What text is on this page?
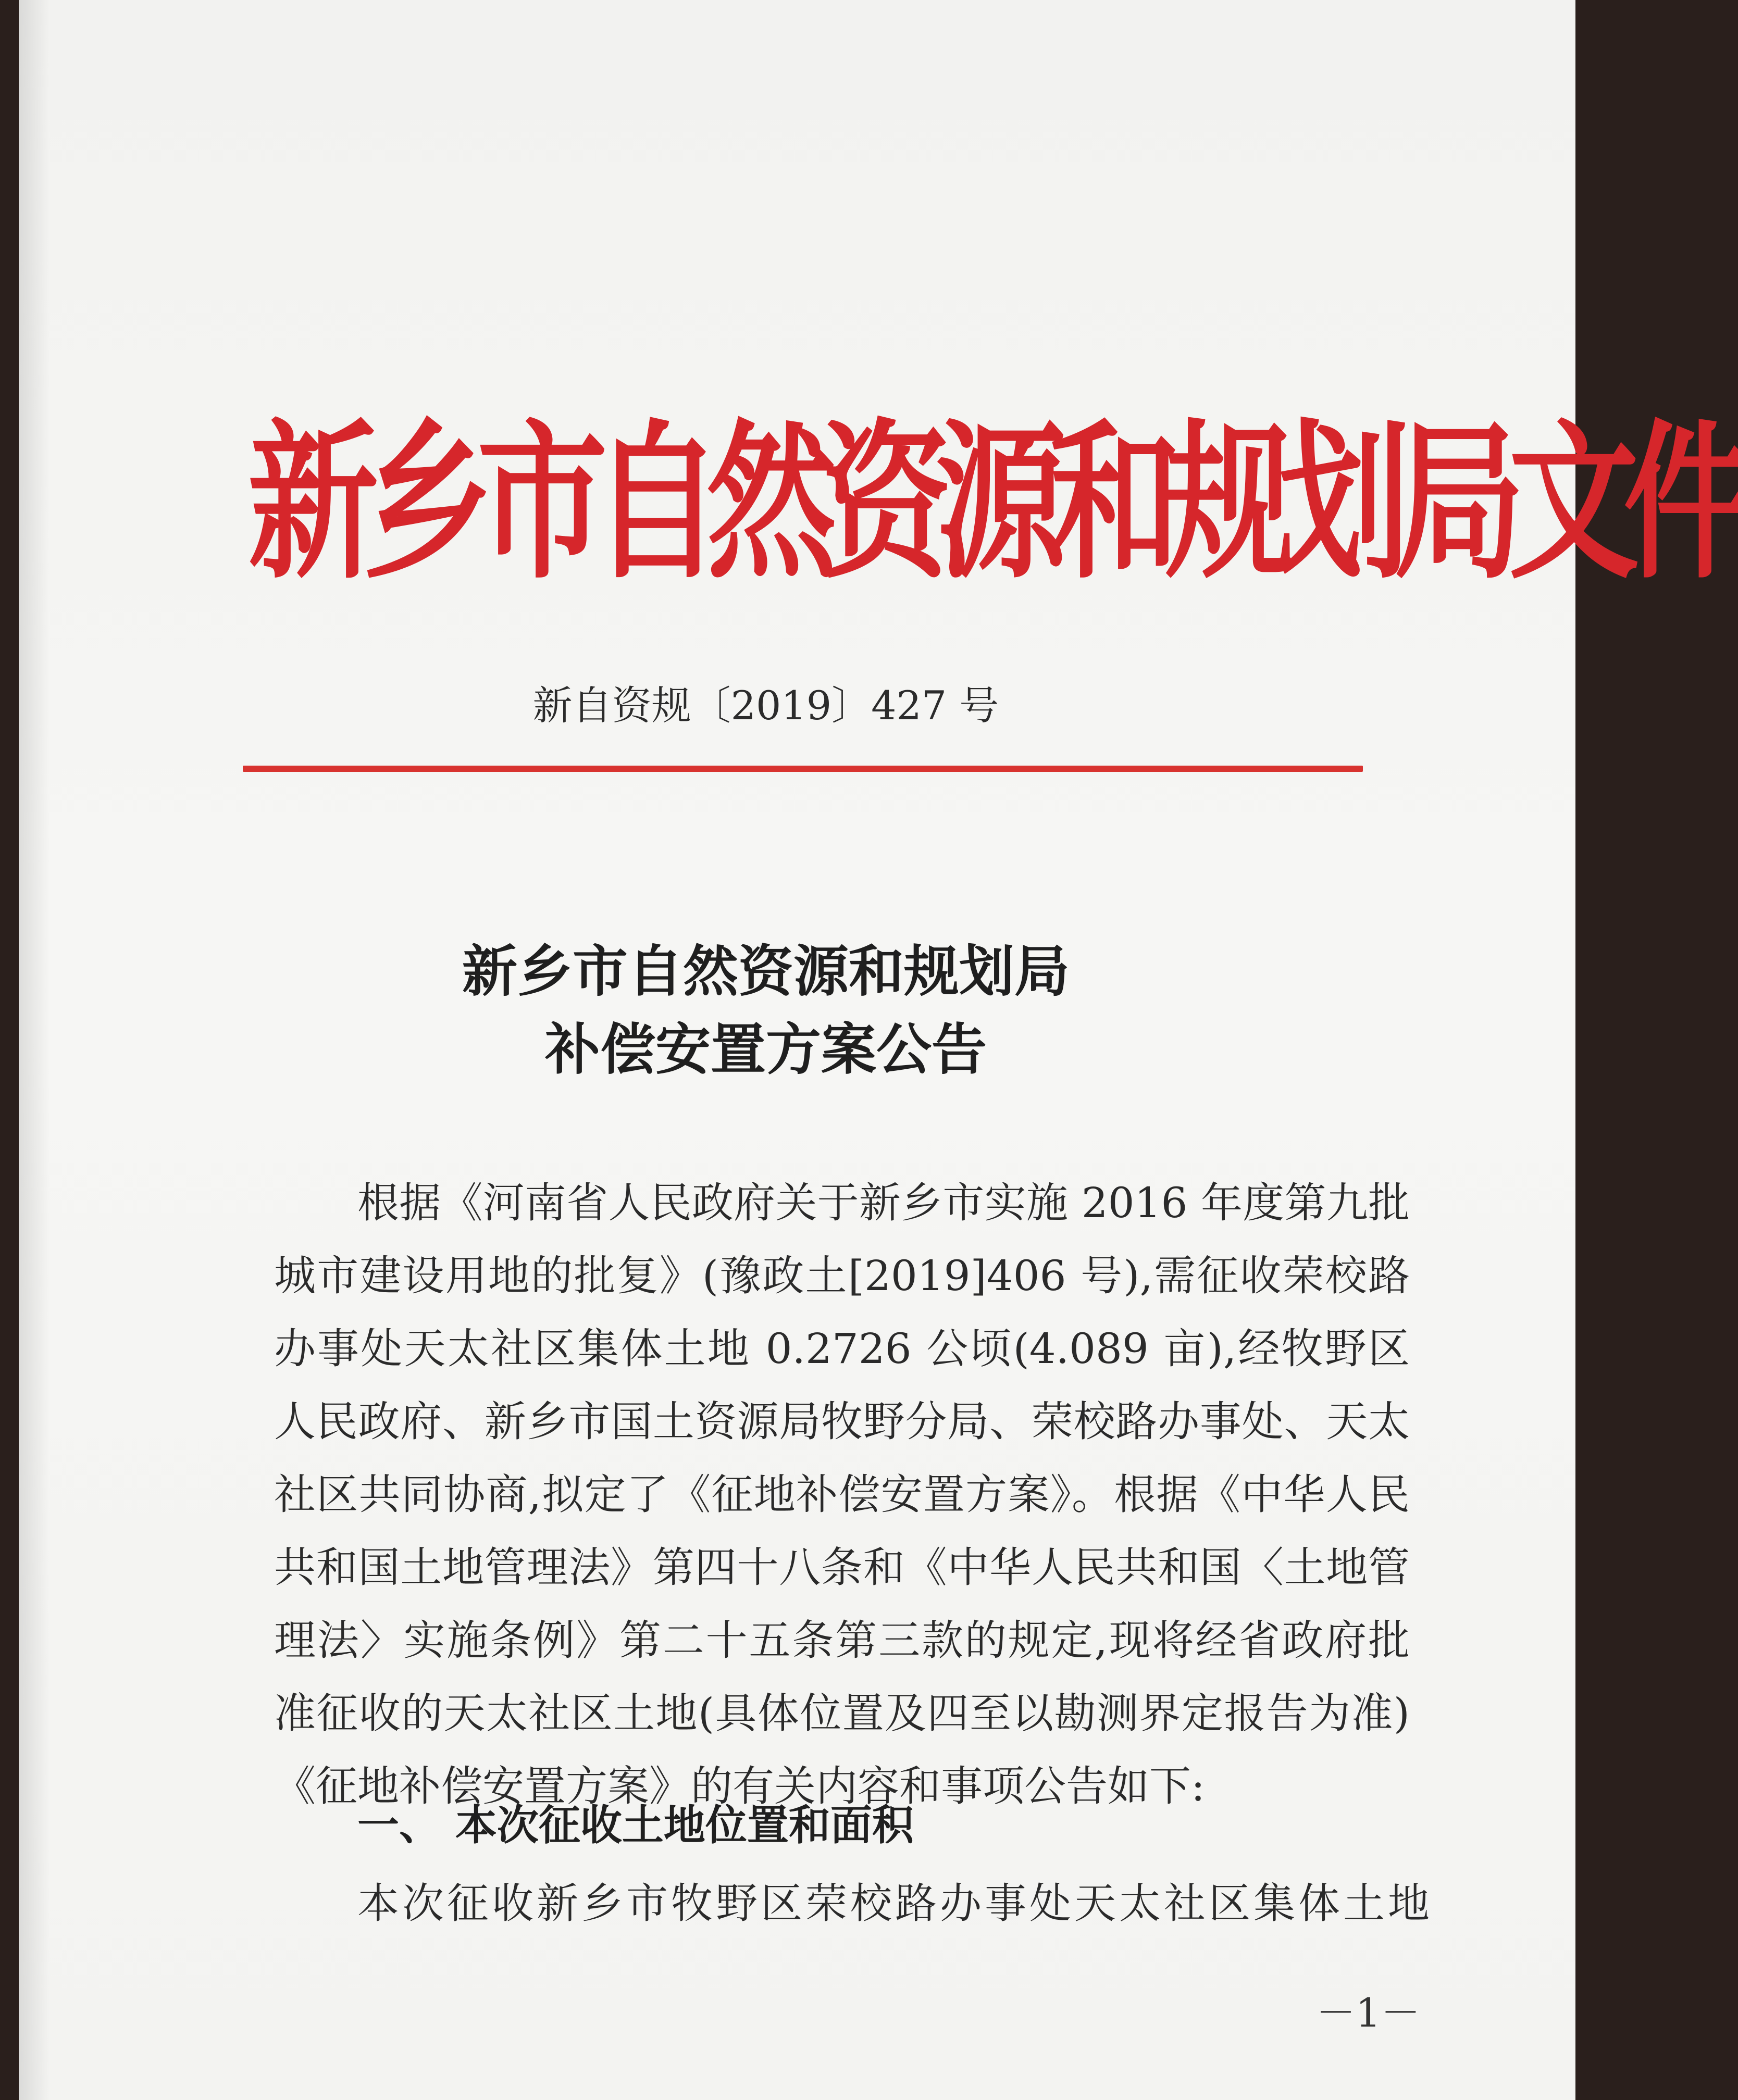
新乡市自然资源和规划局文件
新自资规〔2019〕427 号
新乡市自然资源和规划局
补偿安置方案公告

根据《河南省人民政府关于新乡市实施 2016 年度第九批城市建设用地的批复》(豫政土[2019]406 号),需征收荣校路办事处天太社区集体土地 0.2726 公顷(4.089 亩),经牧野区人民政府、新乡市国土资源局牧野分局、荣校路办事处、天太社区共同协商,拟定了《征地补偿安置方案》。根据《中华人民共和国土地管理法》第四十八条和《中华人民共和国〈土地管理法〉实施条例》第二十五条第三款的规定,现将经省政府批准征收的天太社区土地(具体位置及四至以勘测界定报告为准)《征地补偿安置方案》的有关内容和事项公告如下:

一、 本次征收土地位置和面积
本次征收新乡市牧野区荣校路办事处天太社区集体土地
－1－
